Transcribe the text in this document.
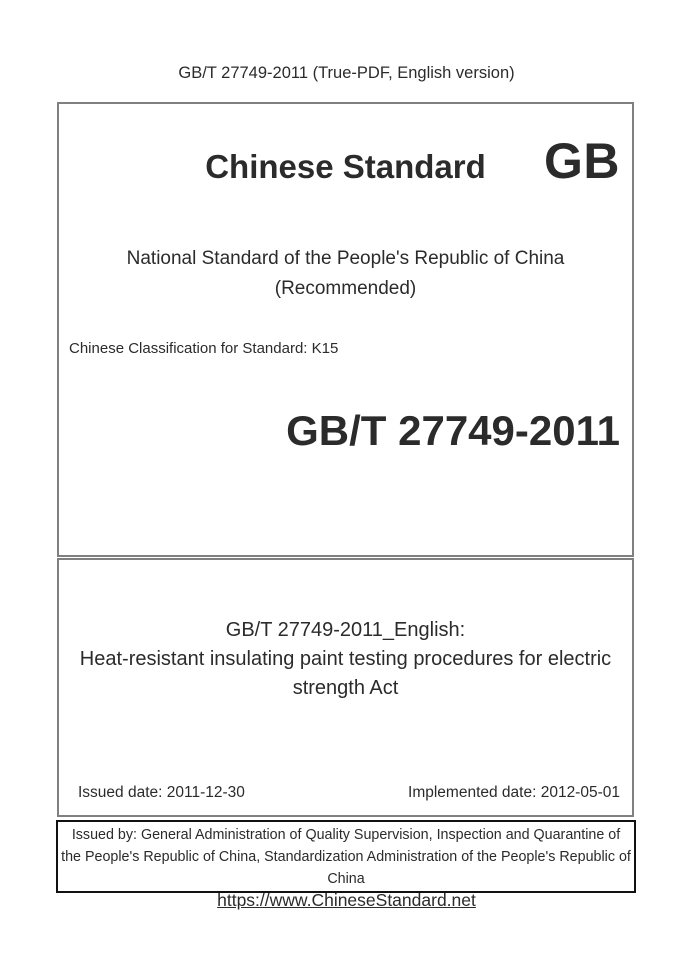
GB/T 27749-2011 (True-PDF, English version)
Chinese Standard	GB
National Standard of the People's Republic of China
(Recommended)
Chinese Classification for Standard: K15
GB/T 27749-2011
GB/T 27749-2011_English:
Heat-resistant insulating paint testing procedures for electric
strength Act
Issued date: 2011-12-30	Implemented date: 2012-05-01
Issued by: General Administration of Quality Supervision, Inspection and Quarantine of
the People's Republic of China, Standardization Administration of the People's Republic of
China
https://www.ChineseStandard.net
